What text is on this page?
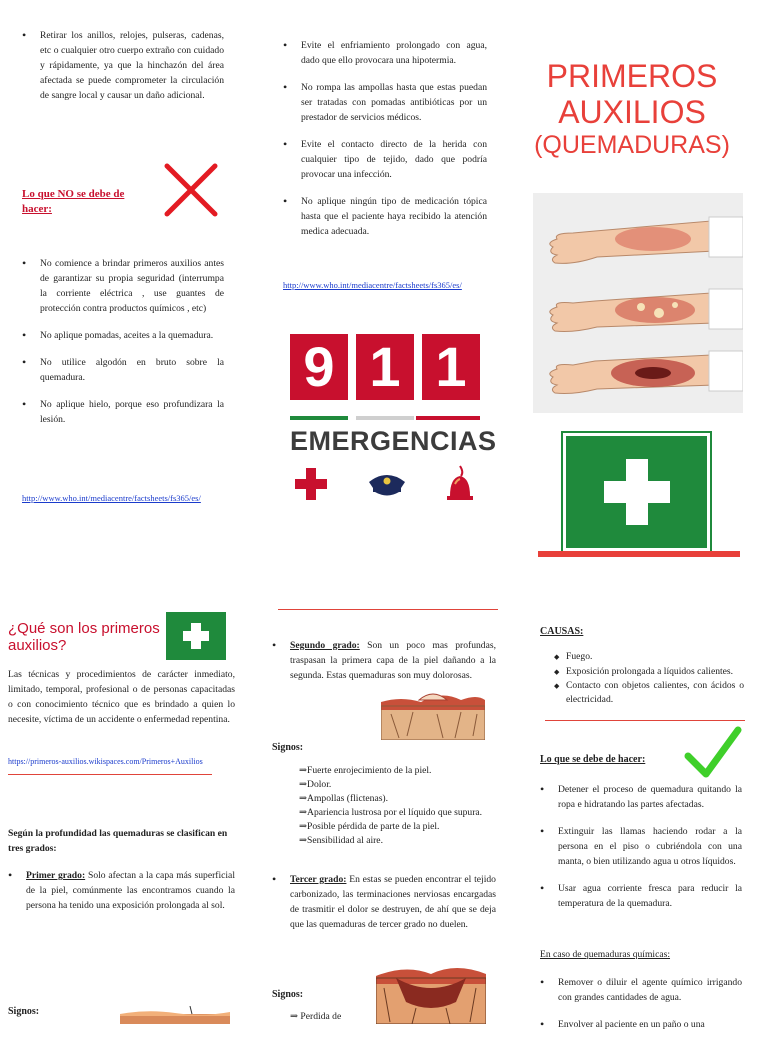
• Retirar los anillos, relojes, pulseras, cadenas, etc o cualquier otro cuerpo extraño con cuidado y rápidamente, ya que la hinchazón del área afectada se puede comprometer la circulación de sangre local y causar un daño adicional.
Lo que NO se debe de hacer:
• No comience a brindar primeros auxilios antes de garantizar su propia seguridad (interrumpa la corriente eléctrica , use guantes de protección contra productos químicos , etc)
• No aplique pomadas, aceites a la quemadura.
• No utilice algodón en bruto sobre la quemadura.
• No aplique hielo, porque eso profundizara la lesión.
http://www.who.int/mediacentre/factsheets/fs365/es/
• Evite el enfriamiento prolongado con agua, dado que ello provocara una hipotermia.
• No rompa las ampollas hasta que estas puedan ser tratadas con pomadas antibióticas por un prestador de servicios médicos.
• Evite el contacto directo de la herida con cualquier tipo de tejido, dado que podría provocar una infección.
• No aplique ningún tipo de medicación tópica hasta que el paciente haya recibido la atención medica adecuada.
http://www.who.int/mediacentre/factsheets/fs365/es/
9 1 1
EMERGENCIAS
PRIMEROS
AUXILIOS
(QUEMADURAS)
¿Qué son los primeros auxilios?
Las técnicas y procedimientos de carácter inmediato, limitado, temporal, profesional o de personas capacitadas o con conocimiento técnico que es brindado a quien lo necesite, víctima de un accidente o enfermedad repentina.
https://primeros-auxilios.wikispaces.com/Primeros+Auxilios
Según la profundidad las quemaduras se clasifican en tres grados:
• Primer grado: Solo afectan a la capa más superficial de la piel, comúnmente las encontramos cuando la persona ha tenido una exposición prolongada al sol.
Signos:
• Segundo grado: Son un poco mas profundas, traspasan la primera capa de la piel dañando a la segunda. Estas quemaduras son muy dolorosas.
Signos:
⇒Fuerte enrojecimiento de la piel.
⇒Dolor.
⇒Ampollas (flictenas).
⇒Apariencia lustrosa por el líquido que supura.
⇒Posible pérdida de parte de la piel.
⇒Sensibilidad al aire.
• Tercer grado: En estas se pueden encontrar el tejido carbonizado, las terminaciones nerviosas encargadas de trasmitir el dolor se destruyen, de ahí que se deja que las quemaduras de tercer grado no duelen.
Signos:
⇒ Perdida de
CAUSAS:
◆ Fuego.
◆ Exposición prolongada a líquidos calientes.
◆ Contacto con objetos calientes, con ácidos o electricidad.
Lo que se debe de hacer:
• Detener el proceso de quemadura quitando la ropa e hidratando las partes afectadas.
• Extinguir las llamas haciendo rodar a la persona en el piso o cubriéndola con una manta, o bien utilizando agua u otros líquidos.
• Usar agua corriente fresca para reducir la temperatura de la quemadura.
En caso de quemaduras químicas:
• Remover o diluir el agente químico irrigando con grandes cantidades de agua.
• Envolver al paciente en un paño o una
